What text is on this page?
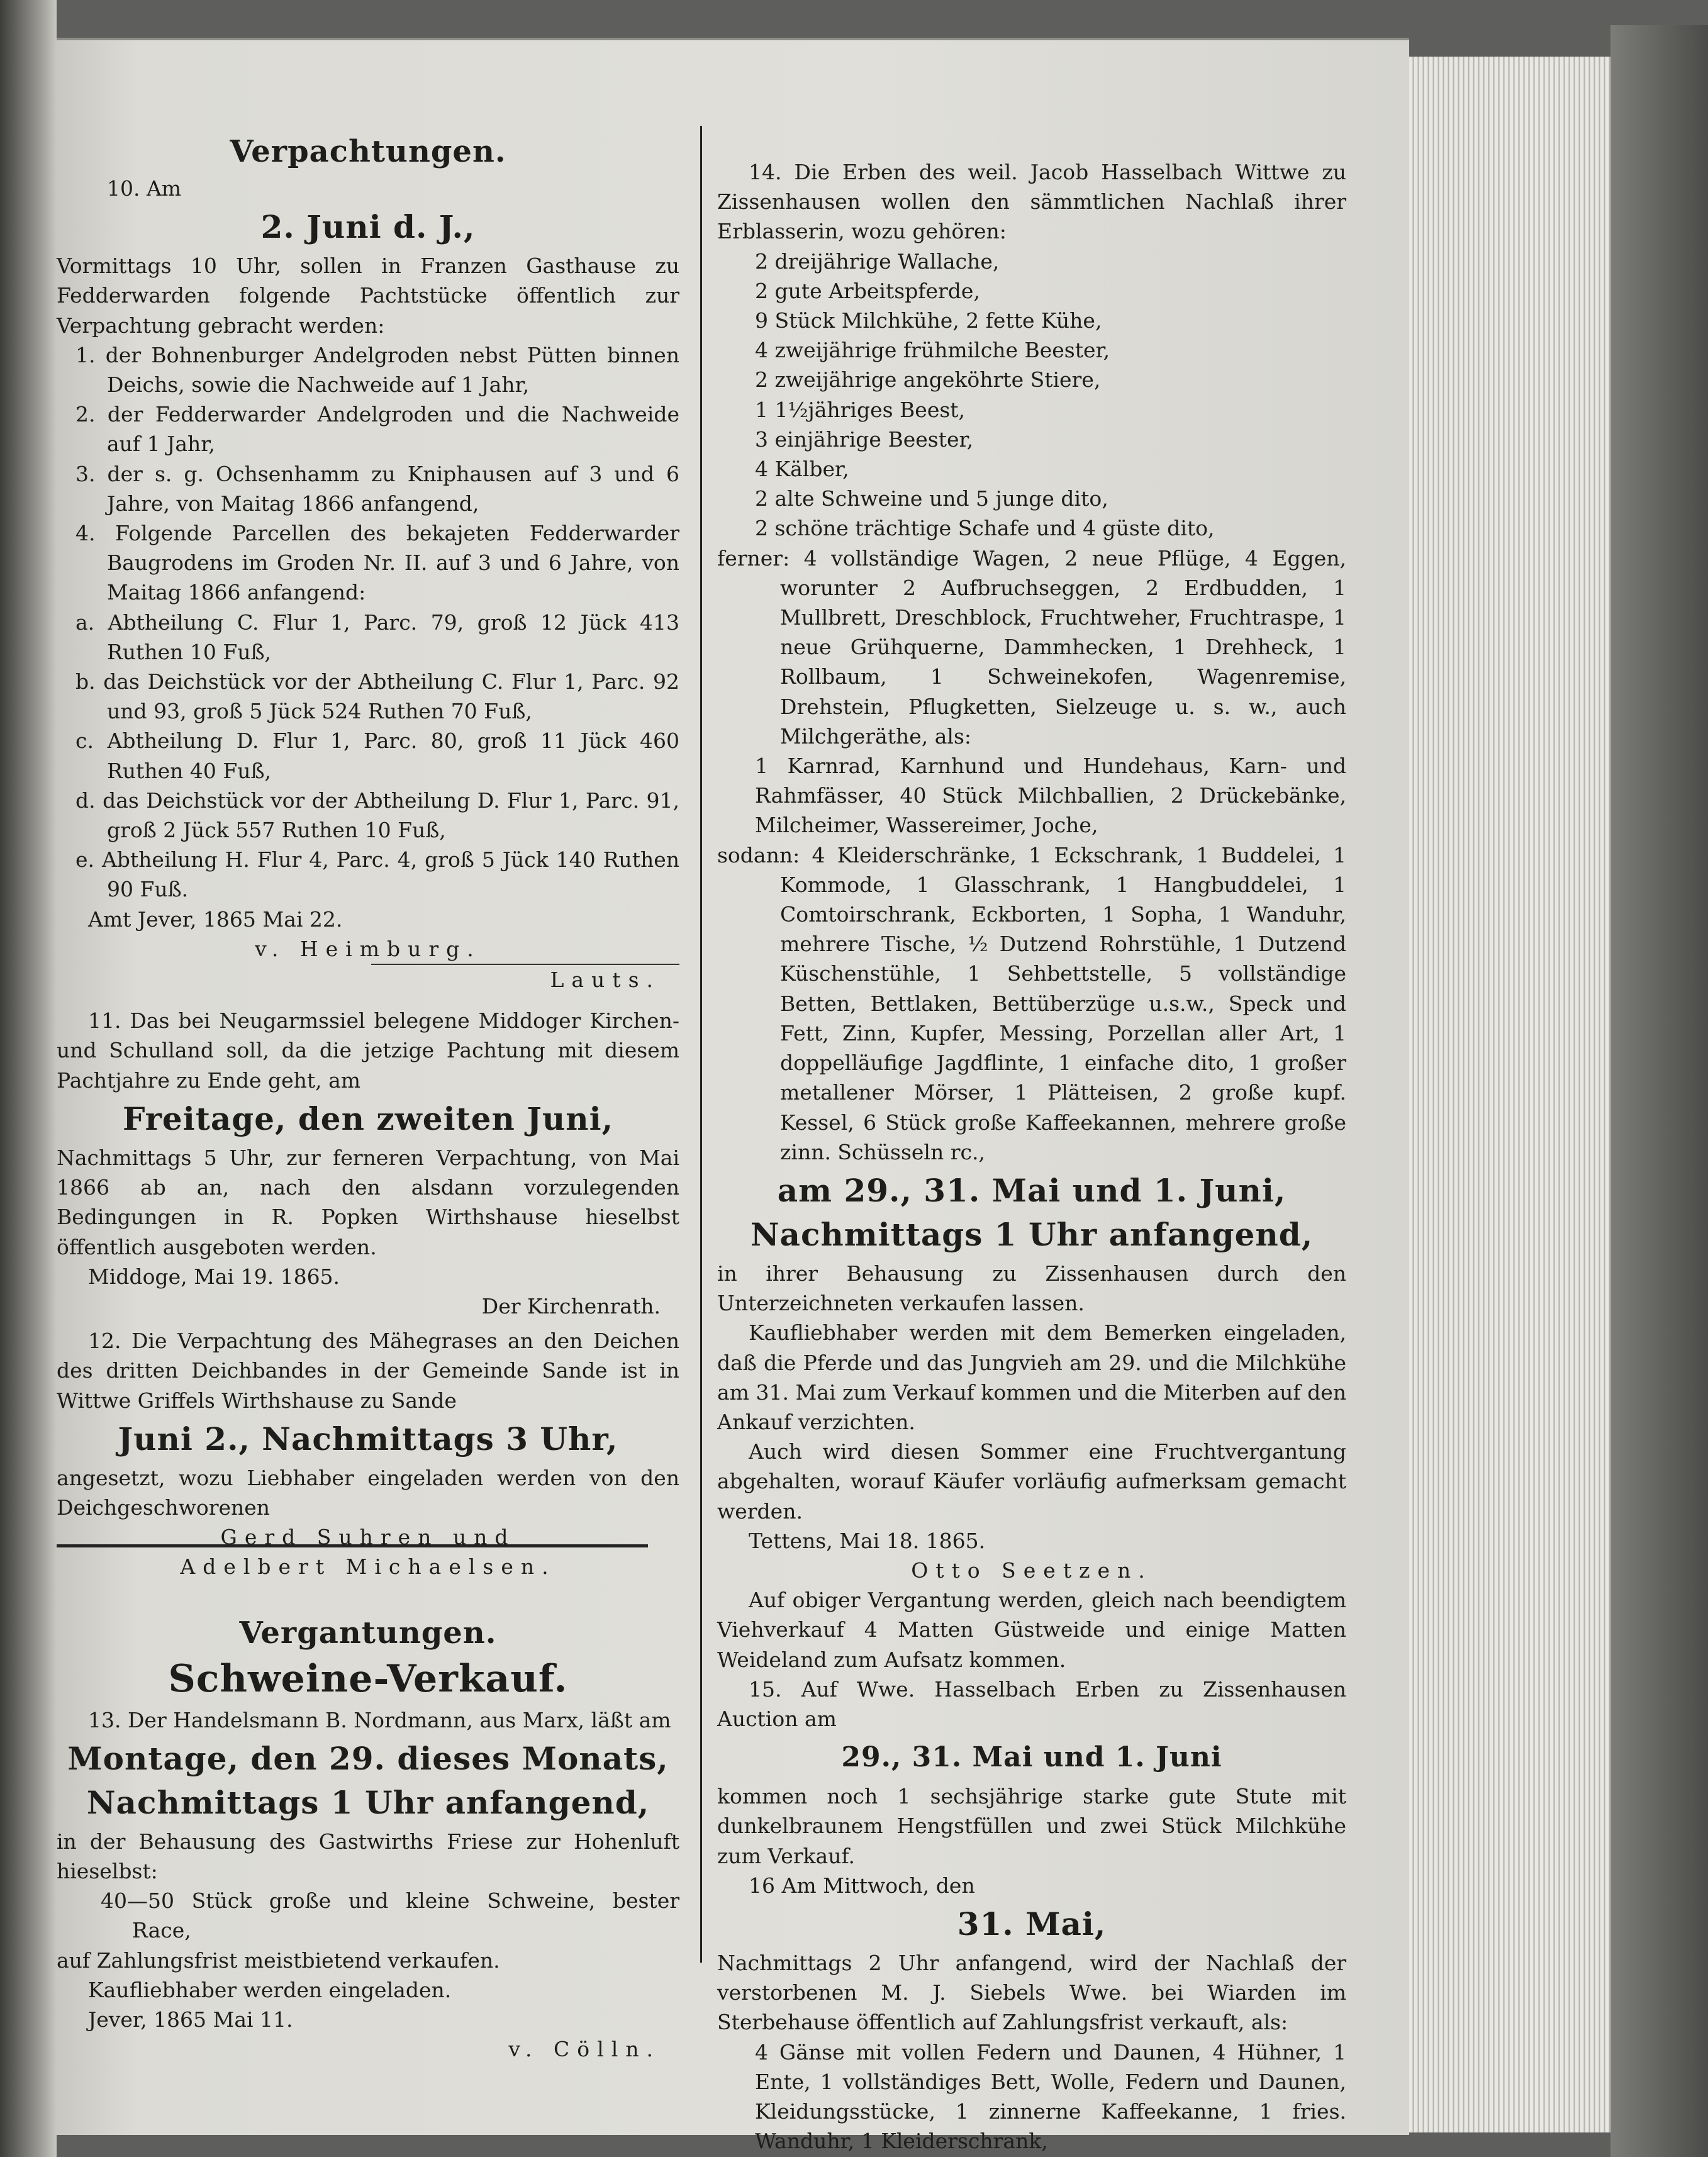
Verpachtungen.

10. Am

2. Juni d. J.,

Vormittags 10 Uhr, sollen in Franzen Gasthause zu Fedderwarden folgende Pachtstücke öffentlich zur Verpachtung gebracht werden:

1. der Bohnenburger Andelgroden nebst Pütten binnen Deichs, sowie die Nachweide auf 1 Jahr,

2. der Fedderwarder Andelgroden und die Nachweide auf 1 Jahr,

3. der s. g. Ochsenhamm zu Kniphausen auf 3 und 6 Jahre, von Maitag 1866 anfangend,

4. Folgende Parcellen des bekajeten Fedderwarder Baugrodens im Groden Nr. II. auf 3 und 6 Jahre, von Maitag 1866 anfangend:

a. Abtheilung C. Flur 1, Parc. 79, groß 12 Jück 413 Ruthen 10 Fuß,

b. das Deichstück vor der Abtheilung C. Flur 1, Parc. 92 und 93, groß 5 Jück 524 Ruthen 70 Fuß,

c. Abtheilung D. Flur 1, Parc. 80, groß 11 Jück 460 Ruthen 40 Fuß,

d. das Deichstück vor der Abtheilung D. Flur 1, Parc. 91, groß 2 Jück 557 Ruthen 10 Fuß,

e. Abtheilung H. Flur 4, Parc. 4, groß 5 Jück 140 Ruthen 90 Fuß.

Amt Jever, 1865 Mai 22.

v. Heimburg.

Lauts.

11. Das bei Neugarmssiel belegene Middoger Kirchen- und Schulland soll, da die jetzige Pachtung mit diesem Pachtjahre zu Ende geht, am

Freitage, den zweiten Juni,

Nachmittags 5 Uhr, zur ferneren Verpachtung, von Mai 1866 ab an, nach den alsdann vorzulegenden Bedingungen in R. Popken Wirthshause hieselbst öffentlich ausgeboten werden.

Middoge, Mai 19. 1865.

Der Kirchenrath.

12. Die Verpachtung des Mähegrases an den Deichen des dritten Deichbandes in der Gemeinde Sande ist in Wittwe Griffels Wirthshause zu Sande

Juni 2., Nachmittags 3 Uhr,

angesetzt, wozu Liebhaber eingeladen werden von den Deichgeschworenen

Gerd Suhren und

Adelbert Michaelsen.

Vergantungen.
Schweine-Verkauf.

13. Der Handelsmann B. Nordmann, aus Marx, läßt am

Montage, den 29. dieses Monats,
Nachmittags 1 Uhr anfangend,

in der Behausung des Gastwirths Friese zur Hohenluft hieselbst:

40—50 Stück große und kleine Schweine, bester Race,

auf Zahlungsfrist meistbietend verkaufen.

Kaufliebhaber werden eingeladen.

Jever, 1865 Mai 11.

v. Cölln.

14. Die Erben des weil. Jacob Hasselbach Wittwe zu Zissenhausen wollen den sämmtlichen Nachlaß ihrer Erblasserin, wozu gehören:

2 dreijährige Wallache,

2 gute Arbeitspferde,

9 Stück Milchkühe, 2 fette Kühe,

4 zweijährige frühmilche Beester,

2 zweijährige angeköhrte Stiere,

1 1½jähriges Beest,

3 einjährige Beester,

4 Kälber,

2 alte Schweine und 5 junge dito,

2 schöne trächtige Schafe und 4 güste dito,

ferner: 4 vollständige Wagen, 2 neue Pflüge, 4 Eggen, worunter 2 Aufbruchseggen, 2 Erdbudden, 1 Mullbrett, Dreschblock, Fruchtweher, Fruchtraspe, 1 neue Grühquerne, Dammhecken, 1 Drehheck, 1 Rollbaum, 1 Schweinekofen, Wagenremise, Drehstein, Pflugketten, Sielzeuge u. s. w., auch Milchgeräthe, als:

1 Karnrad, Karnhund und Hundehaus, Karn- und Rahmfässer, 40 Stück Milchballien, 2 Drückebänke, Milcheimer, Wassereimer, Joche,

sodann: 4 Kleiderschränke, 1 Eckschrank, 1 Buddelei, 1 Kommode, 1 Glasschrank, 1 Hangbuddelei, 1 Comtoirschrank, Eckborten, 1 Sopha, 1 Wanduhr, mehrere Tische, ½ Dutzend Rohrstühle, 1 Dutzend Küschenstühle, 1 Sehbettstelle, 5 vollständige Betten, Bettlaken, Bettüberzüge u.s.w., Speck und Fett, Zinn, Kupfer, Messing, Porzellan aller Art, 1 doppelläufige Jagdflinte, 1 einfache dito, 1 großer metallener Mörser, 1 Plätteisen, 2 große kupf. Kessel, 6 Stück große Kaffeekannen, mehrere große zinn. Schüsseln rc.,

am 29., 31. Mai und 1. Juni,
Nachmittags 1 Uhr anfangend,

in ihrer Behausung zu Zissenhausen durch den Unterzeichneten verkaufen lassen.

Kaufliebhaber werden mit dem Bemerken eingeladen, daß die Pferde und das Jungvieh am 29. und die Milchkühe am 31. Mai zum Verkauf kommen und die Miterben auf den Ankauf verzichten.

Auch wird diesen Sommer eine Fruchtvergantung abgehalten, worauf Käufer vorläufig aufmerksam gemacht werden.

Tettens, Mai 18. 1865.

Otto Seetzen.

Auf obiger Vergantung werden, gleich nach beendigtem Viehverkauf 4 Matten Güstweide und einige Matten Weideland zum Aufsatz kommen.

15. Auf Wwe. Hasselbach Erben zu Zissenhausen Auction am

29., 31. Mai und 1. Juni

kommen noch 1 sechsjährige starke gute Stute mit dunkelbraunem Hengstfüllen und zwei Stück Milchkühe zum Verkauf.

16 Am Mittwoch, den

31. Mai,

Nachmittags 2 Uhr anfangend, wird der Nachlaß der verstorbenen M. J. Siebels Wwe. bei Wiarden im Sterbehause öffentlich auf Zahlungsfrist verkauft, als:

4 Gänse mit vollen Federn und Daunen, 4 Hühner, 1 Ente, 1 vollständiges Bett, Wolle, Federn und Daunen, Kleidungsstücke, 1 zinnerne Kaffeekanne, 1 fries. Wanduhr, 1 Kleiderschrank,
